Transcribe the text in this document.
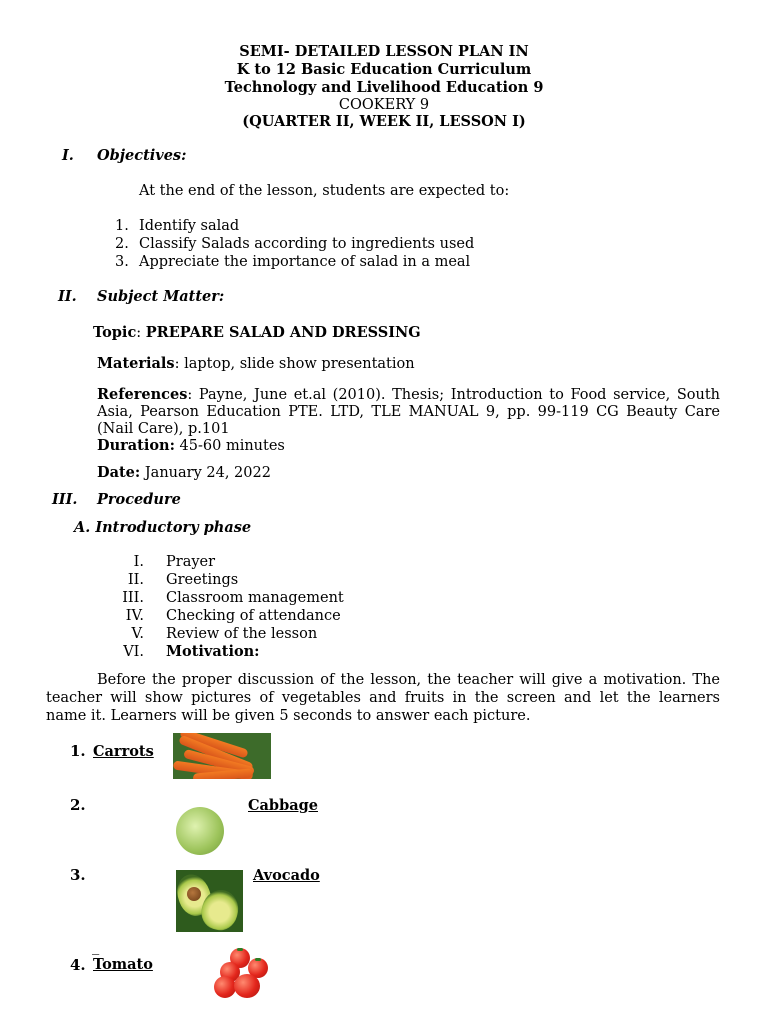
SEMI- DETAILED LESSON PLAN IN
K to 12 Basic Education Curriculum
Technology and Livelihood Education 9
COOKERY 9
(QUARTER II, WEEK II, LESSON I)
I. Objectives:
At the end of the lesson, students are expected to:
1. Identify salad
2. Classify Salads according to ingredients used
3. Appreciate the importance of salad in a meal
II. Subject Matter:
Topic: PREPARE SALAD AND DRESSING
Materials: laptop, slide show presentation
References: Payne, June et.al (2010). Thesis; Introduction to Food service, South
Asia, Pearson Education PTE. LTD, TLE MANUAL 9, pp. 99-119 CG Beauty Care
(Nail Care), p.101
Duration: 45-60 minutes
Date: January 24, 2022
III. Procedure
A. Introductory phase
I. Prayer
II. Greetings
III. Classroom management
IV. Checking of attendance
V. Review of the lesson
VI. Motivation:
Before the proper discussion of the lesson, the teacher will give a motivation. The
teacher will show pictures of vegetables and fruits in the screen and let the learners
name it. Learners will be given 5 seconds to answer each picture.
1. Carrots
2.	Cabbage
3.	Avocado
_
4. Tomato
